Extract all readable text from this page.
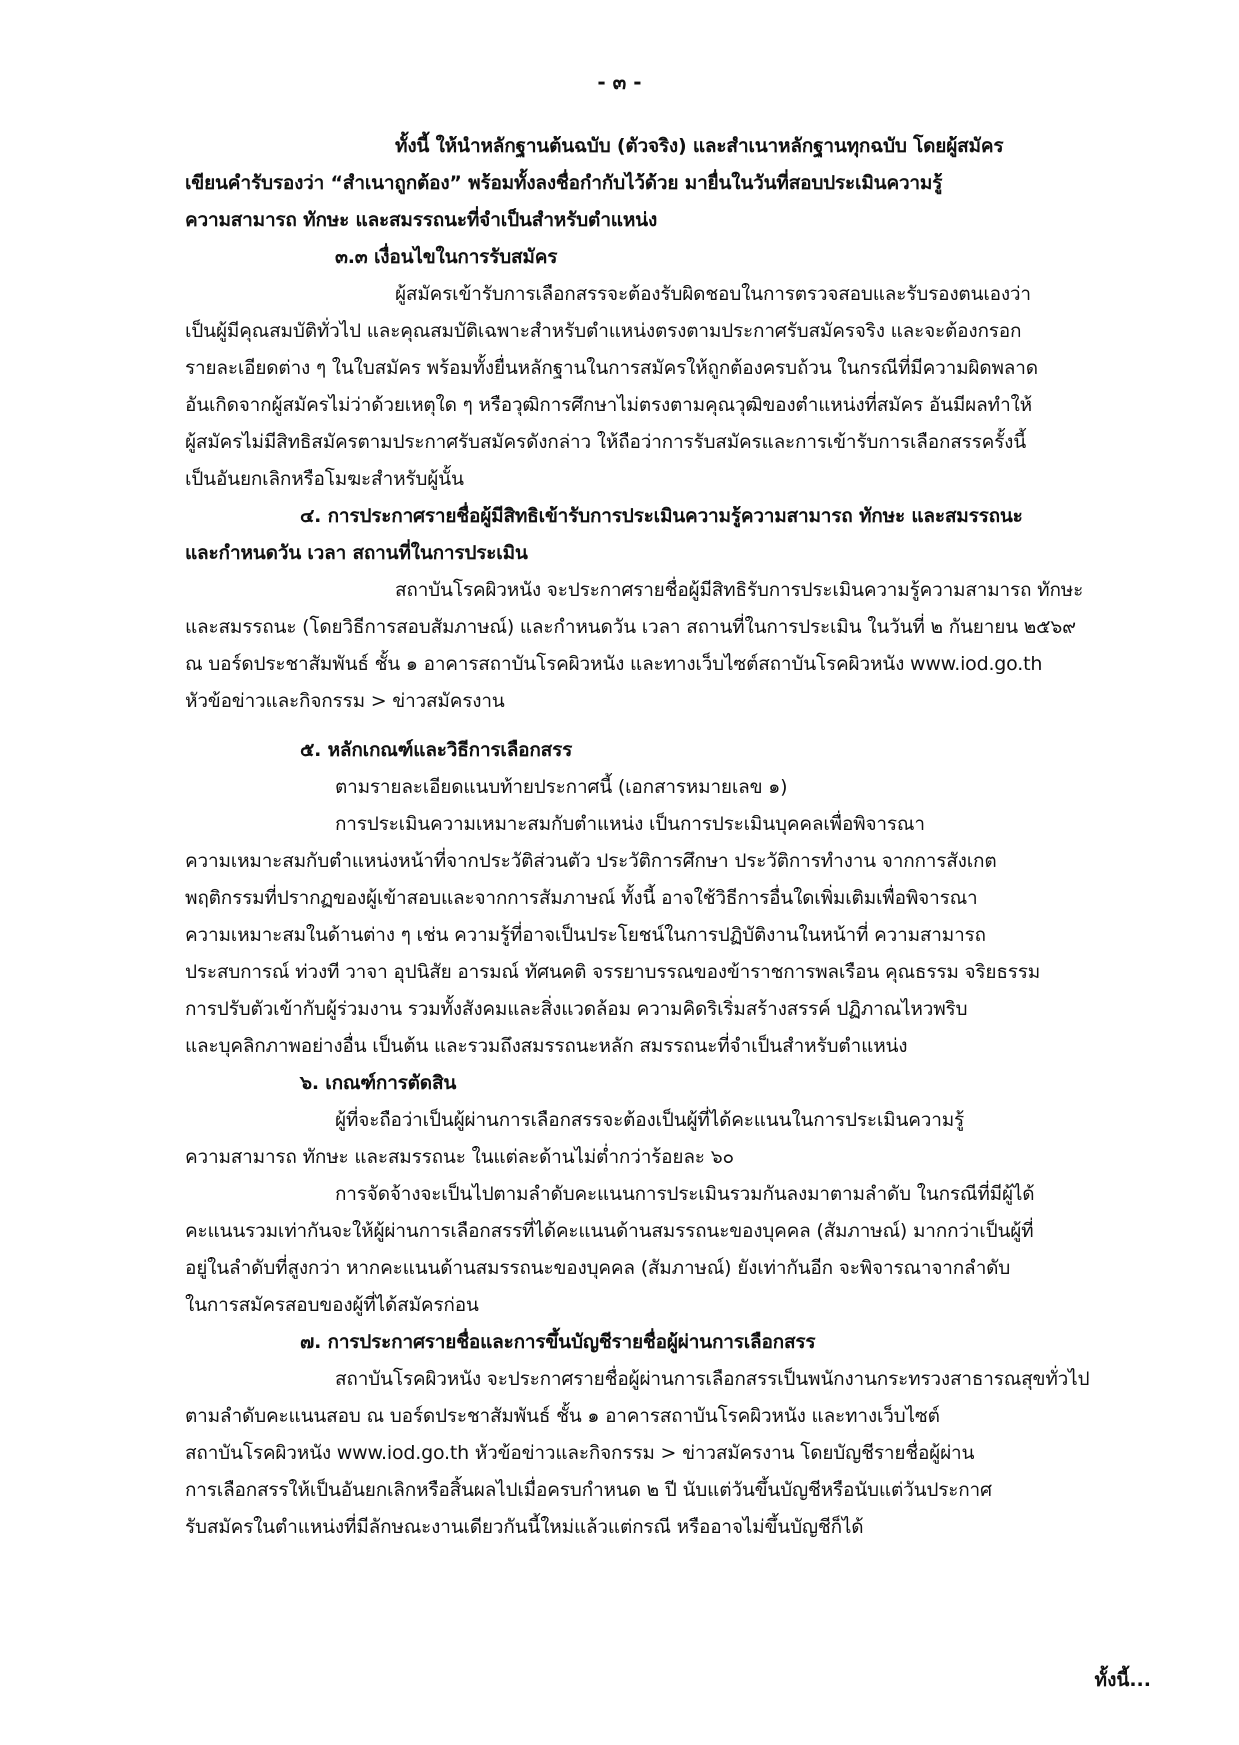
- ๓ -
ทั้งนี้ ให้นำหลักฐานต้นฉบับ (ตัวจริง) และสำเนาหลักฐานทุกฉบับ โดยผู้สมัคร
เขียนคำรับรองว่า “สำเนาถูกต้อง” พร้อมทั้งลงชื่อกำกับไว้ด้วย มายื่นในวันที่สอบประเมินความรู้
ความสามารถ ทักษะ และสมรรถนะที่จำเป็นสำหรับตำแหน่ง
๓.๓ เงื่อนไขในการรับสมัคร
ผู้สมัครเข้ารับการเลือกสรรจะต้องรับผิดชอบในการตรวจสอบและรับรองตนเองว่า
เป็นผู้มีคุณสมบัติทั่วไป และคุณสมบัติเฉพาะสำหรับตำแหน่งตรงตามประกาศรับสมัครจริง และจะต้องกรอก
รายละเอียดต่าง ๆ ในใบสมัคร พร้อมทั้งยื่นหลักฐานในการสมัครให้ถูกต้องครบถ้วน ในกรณีที่มีความผิดพลาด
อันเกิดจากผู้สมัครไม่ว่าด้วยเหตุใด ๆ หรือวุฒิการศึกษาไม่ตรงตามคุณวุฒิของตำแหน่งที่สมัคร อันมีผลทำให้
ผู้สมัครไม่มีสิทธิสมัครตามประกาศรับสมัครดังกล่าว ให้ถือว่าการรับสมัครและการเข้ารับการเลือกสรรครั้งนี้
เป็นอันยกเลิกหรือโมฆะสำหรับผู้นั้น
๔. การประกาศรายชื่อผู้มีสิทธิเข้ารับการประเมินความรู้ความสามารถ ทักษะ และสมรรถนะ
และกำหนดวัน เวลา สถานที่ในการประเมิน
สถาบันโรคผิวหนัง จะประกาศรายชื่อผู้มีสิทธิรับการประเมินความรู้ความสามารถ ทักษะ
และสมรรถนะ (โดยวิธีการสอบสัมภาษณ์) และกำหนดวัน เวลา สถานที่ในการประเมิน ในวันที่ ๒ กันยายน ๒๕๖๙
ณ บอร์ดประชาสัมพันธ์ ชั้น ๑ อาคารสถาบันโรคผิวหนัง และทางเว็บไซต์สถาบันโรคผิวหนัง www.iod.go.th
หัวข้อข่าวและกิจกรรม > ข่าวสมัครงาน
๕. หลักเกณฑ์และวิธีการเลือกสรร
ตามรายละเอียดแนบท้ายประกาศนี้ (เอกสารหมายเลข ๑)
การประเมินความเหมาะสมกับตำแหน่ง เป็นการประเมินบุคคลเพื่อพิจารณา
ความเหมาะสมกับตำแหน่งหน้าที่จากประวัติส่วนตัว ประวัติการศึกษา ประวัติการทำงาน จากการสังเกต
พฤติกรรมที่ปรากฏของผู้เข้าสอบและจากการสัมภาษณ์ ทั้งนี้ อาจใช้วิธีการอื่นใดเพิ่มเติมเพื่อพิจารณา
ความเหมาะสมในด้านต่าง ๆ เช่น ความรู้ที่อาจเป็นประโยชน์ในการปฏิบัติงานในหน้าที่ ความสามารถ
ประสบการณ์ ท่วงที วาจา อุปนิสัย อารมณ์ ทัศนคติ จรรยาบรรณของข้าราชการพลเรือน คุณธรรม จริยธรรม
การปรับตัวเข้ากับผู้ร่วมงาน รวมทั้งสังคมและสิ่งแวดล้อม ความคิดริเริ่มสร้างสรรค์ ปฏิภาณไหวพริบ
และบุคลิกภาพอย่างอื่น เป็นต้น และรวมถึงสมรรถนะหลัก สมรรถนะที่จำเป็นสำหรับตำแหน่ง
๖. เกณฑ์การตัดสิน
ผู้ที่จะถือว่าเป็นผู้ผ่านการเลือกสรรจะต้องเป็นผู้ที่ได้คะแนนในการประเมินความรู้
ความสามารถ ทักษะ และสมรรถนะ ในแต่ละด้านไม่ต่ำกว่าร้อยละ ๖๐
การจัดจ้างจะเป็นไปตามลำดับคะแนนการประเมินรวมกันลงมาตามลำดับ ในกรณีที่มีผู้ได้
คะแนนรวมเท่ากันจะให้ผู้ผ่านการเลือกสรรที่ได้คะแนนด้านสมรรถนะของบุคคล (สัมภาษณ์) มากกว่าเป็นผู้ที่
อยู่ในลำดับที่สูงกว่า หากคะแนนด้านสมรรถนะของบุคคล (สัมภาษณ์) ยังเท่ากันอีก จะพิจารณาจากลำดับ
ในการสมัครสอบของผู้ที่ได้สมัครก่อน
๗. การประกาศรายชื่อและการขึ้นบัญชีรายชื่อผู้ผ่านการเลือกสรร
สถาบันโรคผิวหนัง จะประกาศรายชื่อผู้ผ่านการเลือกสรรเป็นพนักงานกระทรวงสาธารณสุขทั่วไป
ตามลำดับคะแนนสอบ ณ บอร์ดประชาสัมพันธ์ ชั้น ๑ อาคารสถาบันโรคผิวหนัง และทางเว็บไซต์
สถาบันโรคผิวหนัง www.iod.go.th หัวข้อข่าวและกิจกรรม > ข่าวสมัครงาน โดยบัญชีรายชื่อผู้ผ่าน
การเลือกสรรให้เป็นอันยกเลิกหรือสิ้นผลไปเมื่อครบกำหนด ๒ ปี นับแต่วันขึ้นบัญชีหรือนับแต่วันประกาศ
รับสมัครในตำแหน่งที่มีลักษณะงานเดียวกันนี้ใหม่แล้วแต่กรณี หรืออาจไม่ขึ้นบัญชีก็ได้
ทั้งนี้...
